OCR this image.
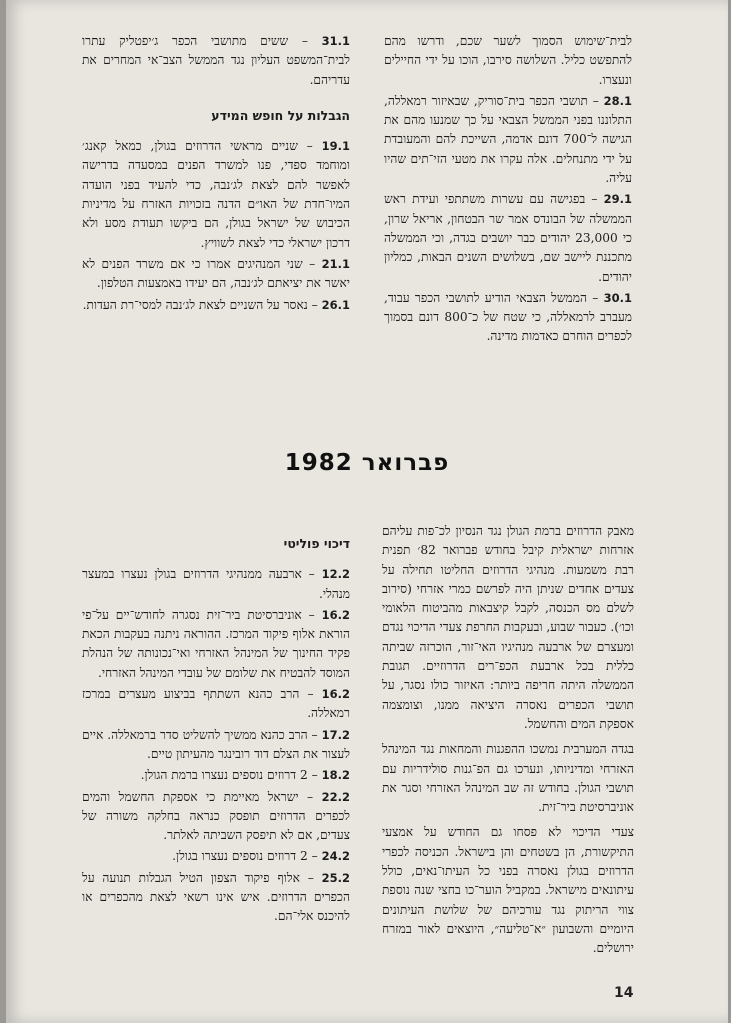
לבית־שימוש הסמוך לשער שכם, ודרשו מהם להתפשט כליל. השלושה סירבו, הוכו על ידי החיילים ונעצרו.

28.1 – תושבי הכפר בית־סוריק, שבאיזור רמאללה, התלוננו בפני הממשל הצבאי על כך שמנעו מהם את הגישה ל־700 דונם אדמה, השייכת להם והמעובדת על ידי מתנחלים. אלה עקרו את מטעי הזי־תים שהיו עליה.

29.1 – בפגישה עם עשרות משתתפי ועידת ראש הממשלה של הבונדס אמר שר הבטחון, אריאל שרון, כי 23,000 יהודים כבר יושבים בגדה, וכי הממשלה מתכננת ליישב שם, בשלושים השנים הבאות, כמליון יהודים.

30.1 – הממשל הצבאי הודיע לתושבי הכפר עבוד, מעברב לרמאללה, כי שטח של כ־800 דונם בסמוך לכפרים הוחרם כאדמות מדינה.

31.1 – ששים מתושבי הכפר ג׳יפטליק עתרו לבית־המשפט העליון נגד הממשל הצב־אי המחרים את עדריהם.

הגבלות על חופש המידע

19.1 – שניים מראשי הדרוזים בגולן, כמאל קאנג׳ ומוחמד ספדי, פנו למשרד הפנים במסעדה בדרישה לאפשר להם לצאת לג׳נבה, כדי להעיד בפני הועדה המיו־חדת של האו״ם הדנה בזכויות האזרח על מדיניות הכיבוש של ישראל בגולן, הם ביקשו תעודת מסע ולא דרכון ישראלי כדי לצאת לשוויץ.

21.1 – שני המנהיגים אמרו כי אם משרד הפנים לא יאשר את יציאתם לג׳נבה, הם יעידו באמצעות הטלפון.

26.1 – נאסר על השניים לצאת לג׳נבה למסי־רת העדות.

פברואר 1982

מאבק הדרוזים ברמת הגולן נגד הנסיון לכ־פות עליהם אזרחות ישראלית קיבל בחודש פברואר 82׳ תפנית רבת משמעות. מנהיגי הדרוזים החליטו תחילה על צעדים אחדים שניתן היה לפרשם כמרי אזרחי (סירוב לשלם מס הכנסה, לקבל קיצבאות מהביטוח הלאומי וכו׳). כעבור שבוע, ובעקבות החרפת צעדי הדיכוי נגדם ומעצרם של ארבעה מנהיגיו האי־זור, הוכרזה שביתה כללית בכל ארבעת הכפ־רים הדרוזיים. תגובת הממשלה היתה חריפה ביותר: האיזור כולו נסגר, על תושבי הכפרים נאסרה היציאה ממנו, וצומצמה אספקת המים והחשמל.

בגדה המערבית נמשכו ההפגנות והמחאות נגד המינהל האזרחי ומדיניותו, ונערכו גם הפ־גנות סולידריות עם תושבי הגולן. בחודש זה שב המינהל האזרחי וסגר את אוניברסיטת ביר־זית.

צעדי הדיכוי לא פסחו גם החודש על אמצעי התיקשורת, הן בשטחים והן בישראל. הכניסה לכפרי הדרוזים בגולן נאסרה בפני כל העיתו־נאים, כולל עיתונאים מישראל. במקביל הוער־כו בחצי שנה נוספת צווי הריתוק נגד עורכיהם של שלושת העיתונים היומיים והשבועון ״א־טליעה״, היוצאים לאור במזרח ירושלים.

דיכוי פוליטי

12.2 – ארבעה ממנהיגי הדרוזים בגולן נעצרו במעצר מנהלי.

16.2 – אוניברסיטת ביר־זית נסגרה לחודש־יים על־פי הוראת אלוף פיקוד המרכז. ההוראה ניתנה בעקבות הכאת פקיד החינוך של המינהל האזרחי ואי־נכונותה של הנהלת המוסד להבטיח את שלומם של עובדי המינהל האזרחי.

16.2 – הרב כהנא השתתף בביצוע מעצרים במרכז רמאללה.

17.2 – הרב כהנא ממשיך להשליט סדר ברמאללה. איים לעצור את הצלם דוד רובינגר מהעיתון טיים.

18.2 – 2 דרוזים נוספים נעצרו ברמת הגולן.

22.2 – ישראל מאיימת כי אספקת החשמל והמים לכפרים הדרוזים תופסק כנראה בחלקה משורה של צעדים, אם לא תיפסק השביתה לאלתר.

24.2 – 2 דרוזים נוספים נעצרו בגולן.

25.2 – אלוף פיקוד הצפון הטיל הגבלות תנועה על הכפרים הדרוזים. איש אינו רשאי לצאת מהכפרים או להיכנס אלי־הם.

14
